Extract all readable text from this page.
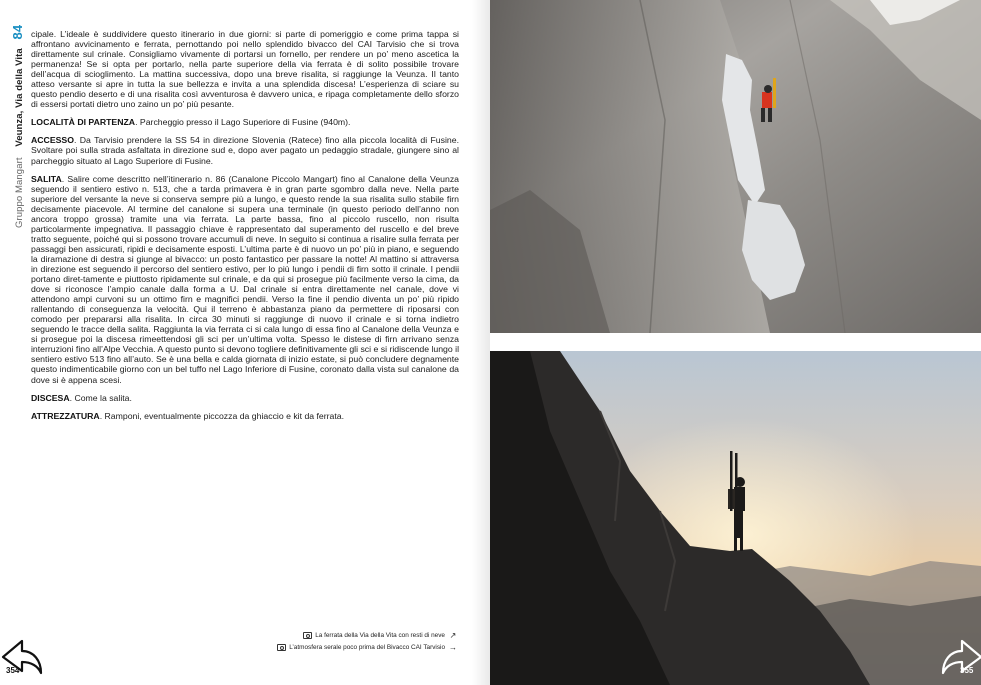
Gruppo Mangart Veunza, Via della Vita 84 cipale. L’ideale è suddividere questo itinerario in due giorni: si parte di pomeriggio e come prima tappa si affrontano avvicinamento e ferrata, pernottando poi nello splendido bivacco del CAI Tarvisio che si trova direttamente sul crinale. Consigliamo vivamente di portarsi un fornello, per rendere un po’ meno ascetica la permanenza! Se si opta per portarlo, nella parte superiore della via ferrata è di solito possibile trovare dell’acqua di scioglimento. La mattina successiva, dopo una breve risalita, si raggiunge la Veunza. Il tanto atteso versante si apre in tutta la sue bellezza e invita a una splendida discesa! L’esperienza di sciare su questo pendio deserto e di una risalita così avventurosa è davvero unica, e ripaga completamente dello sforzo di essersi portati dietro uno zaino un po’ più pesante.

LOCALITÀ DI PARTENZA. Parcheggio presso il Lago Superiore di Fusine (940m).

ACCESSO. Da Tarvisio prendere la SS 54 in direzione Slovenia (Ratece) fino alla piccola località di Fusine. Svoltare poi sulla strada asfaltata in direzione sud e, dopo aver pagato un pedaggio stradale, giungere sino al parcheggio situato al Lago Superiore di Fusine.

SALITA. Salire come descritto nell’itinerario n. 86 (Canalone Piccolo Mangart) fino al Canalone della Veunza seguendo il sentiero estivo n. 513, che a tarda primavera è in gran parte sgombro dalla neve. Nella parte superiore del versante la neve si conserva sempre più a lungo, e questo rende la sua risalita sullo stabile firn decisamente piacevole. Al termine del canalone si supera una terminale (in questo periodo dell’anno non ancora troppo grossa) tramite una via ferrata. La parte bassa, fino al piccolo ruscello, non risulta particolarmente impegnativa. Il passaggio chiave è rappresentato dal superamento del ruscello e del breve tratto seguente, poiché qui si possono trovare accumuli di neve. In seguito si continua a risalire sulla ferrata per passaggi ben assicurati, ripidi e decisamente esposti. L’ultima parte è di nuovo un po’ più in piano, e seguendo la diramazione di destra si giunge al bivacco: un posto fantastico per passare la notte! Al mattino si attraversa in direzione est seguendo il percorso del sentiero estivo, per lo più lungo i pendii di firn sotto il crinale. I pendii portano diret-tamente e piuttosto ripidamente sul crinale, e da qui si prosegue più facilmente verso la cima, da dove si riconosce l’ampio canale dalla forma a U. Dal crinale si entra direttamente nel canale, dove vi attendono ampi curvoni su un ottimo firn e magnifici pendii. Verso la fine il pendio diventa un po’ più ripido rallentando di conseguenza la velocità. Qui il terreno è abbastanza piano da permettere di riposarsi con comodo per prepararsi alla risalita. In circa 30 minuti si raggiunge di nuovo il crinale e si torna indietro seguendo le tracce della salita. Raggiunta la via ferrata ci si cala lungo di essa fino al Canalone della Veunza e si prosegue poi la discesa rimeettendosi gli sci per un’ultima volta. Spesso le distese di firn arrivano senza interruzioni fino all’Alpe Vecchia. A questo punto si devono togliere definitivamente gli sci e si ridiscende lungo il sentiero estivo 513 fino all’auto. Se è una bella e calda giornata di inizio estate, si può concludere degnamente questo indimenticabile giorno con un bel tuffo nel Lago Inferiore di Fusine, coronato dalla vista sul canalone da dove si è appena scesi.

DISCESA. Come la salita.

ATTREZZATURA. Ramponi, eventualmente piccozza da ghiaccio e kit da ferrata.

La ferrata della Via della Vita con resti di neve ↗
L’atmosfera serale poco prima del Bivacco CAI Tarvisio →
354	355
